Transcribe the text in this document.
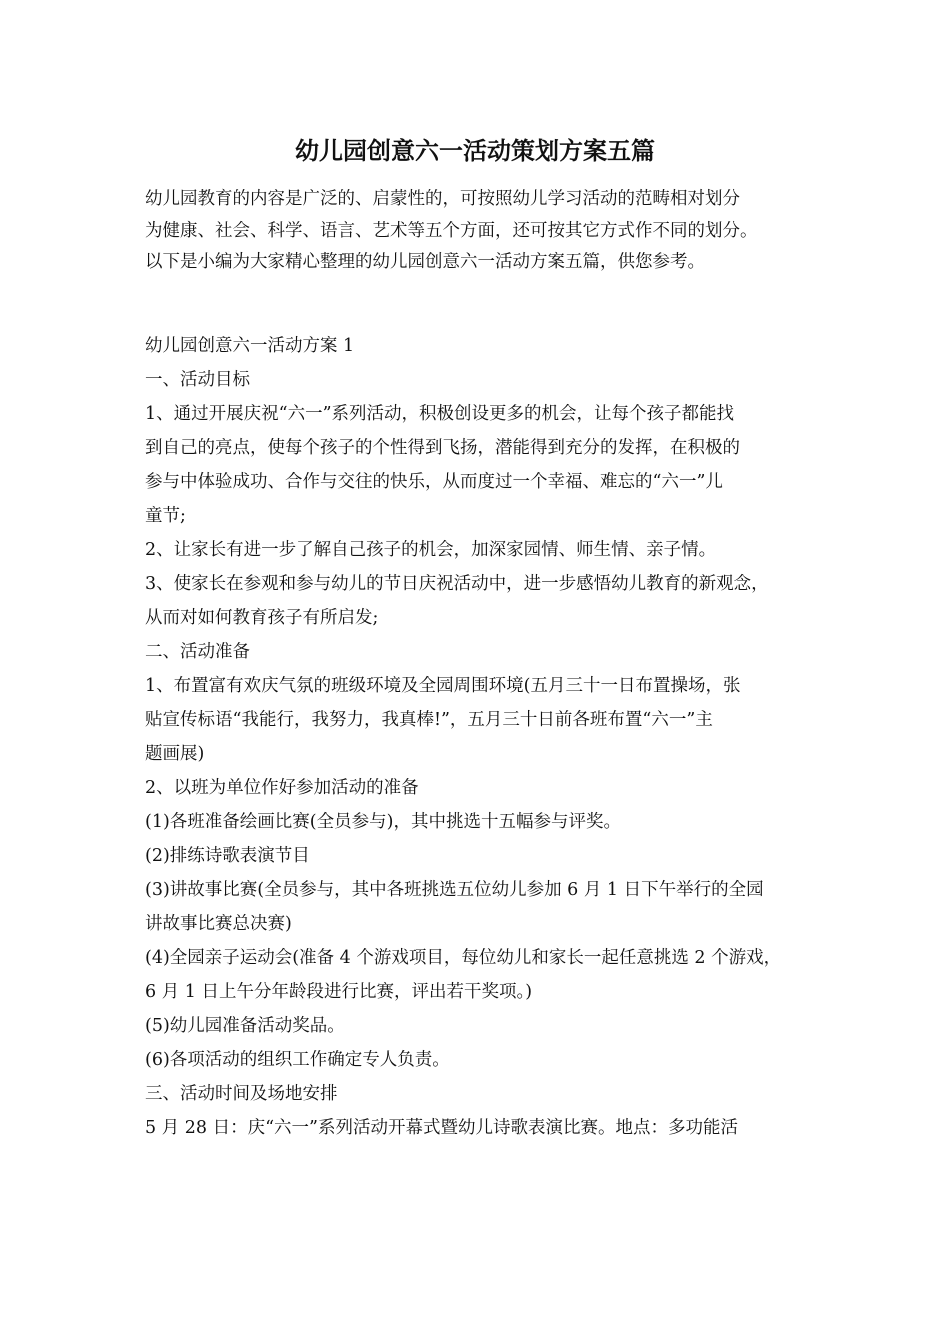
幼儿园创意六一活动策划方案五篇
幼儿园教育的内容是广泛的、启蒙性的，可按照幼儿学习活动的范畴相对划分
为健康、社会、科学、语言、艺术等五个方面，还可按其它方式作不同的划分。
以下是小编为大家精心整理的幼儿园创意六一活动方案五篇，供您参考。
幼儿园创意六一活动方案 1
一、活动目标
1、通过开展庆祝“六一”系列活动，积极创设更多的机会，让每个孩子都能找
到自己的亮点，使每个孩子的个性得到飞扬，潜能得到充分的发挥，在积极的
参与中体验成功、合作与交往的快乐，从而度过一个幸福、难忘的“六一”儿
童节;
2、让家长有进一步了解自己孩子的机会，加深家园情、师生情、亲子情。
3、使家长在参观和参与幼儿的节日庆祝活动中，进一步感悟幼儿教育的新观念，
从而对如何教育孩子有所启发;
二、活动准备
1、布置富有欢庆气氛的班级环境及全园周围环境(五月三十一日布置操场，张
贴宣传标语“我能行，我努力，我真棒!”，五月三十日前各班布置“六一”主
题画展)
2、以班为单位作好参加活动的准备
(1)各班准备绘画比赛(全员参与)，其中挑选十五幅参与评奖。
(2)排练诗歌表演节目
(3)讲故事比赛(全员参与，其中各班挑选五位幼儿参加 6 月 1 日下午举行的全园
讲故事比赛总决赛)
(4)全园亲子运动会(准备 4 个游戏项目，每位幼儿和家长一起任意挑选 2 个游戏，
6 月 1 日上午分年龄段进行比赛，评出若干奖项。)
(5)幼儿园准备活动奖品。
(6)各项活动的组织工作确定专人负责。
三、活动时间及场地安排
5 月 28 日：庆“六一”系列活动开幕式暨幼儿诗歌表演比赛。地点：多功能活
